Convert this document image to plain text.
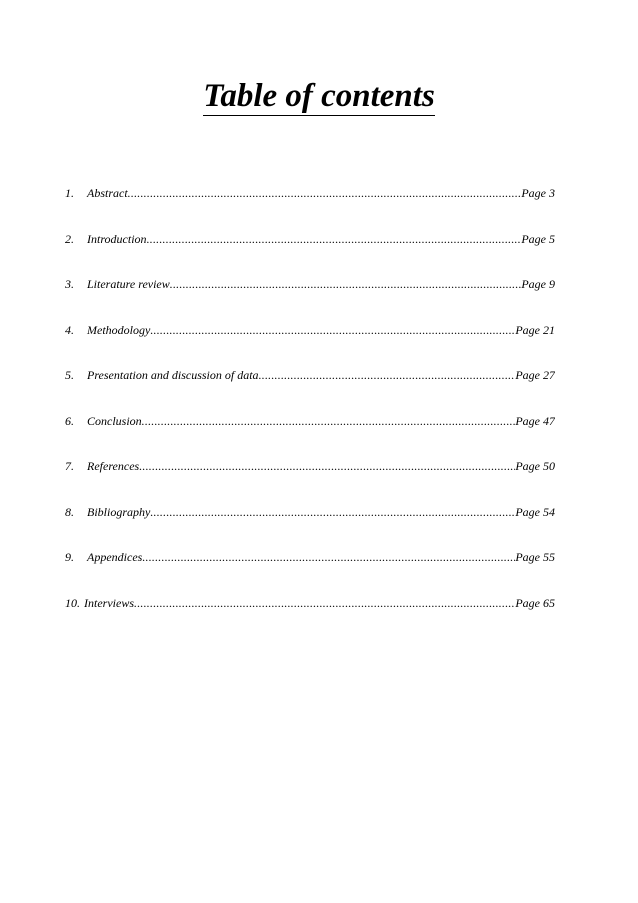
Table of contents
1.	Abstract .....	Page 3
2.	Introduction .....	Page 5
3.	Literature review .....	Page 9
4.	Methodology .....	Page 21
5.	Presentation and discussion of data .....	Page 27
6.	Conclusion .....	Page 47
7.	References .....	Page 50
8.	Bibliography .....	Page 54
9.	Appendices .....	Page 55
10. Interviews .....	Page 65
